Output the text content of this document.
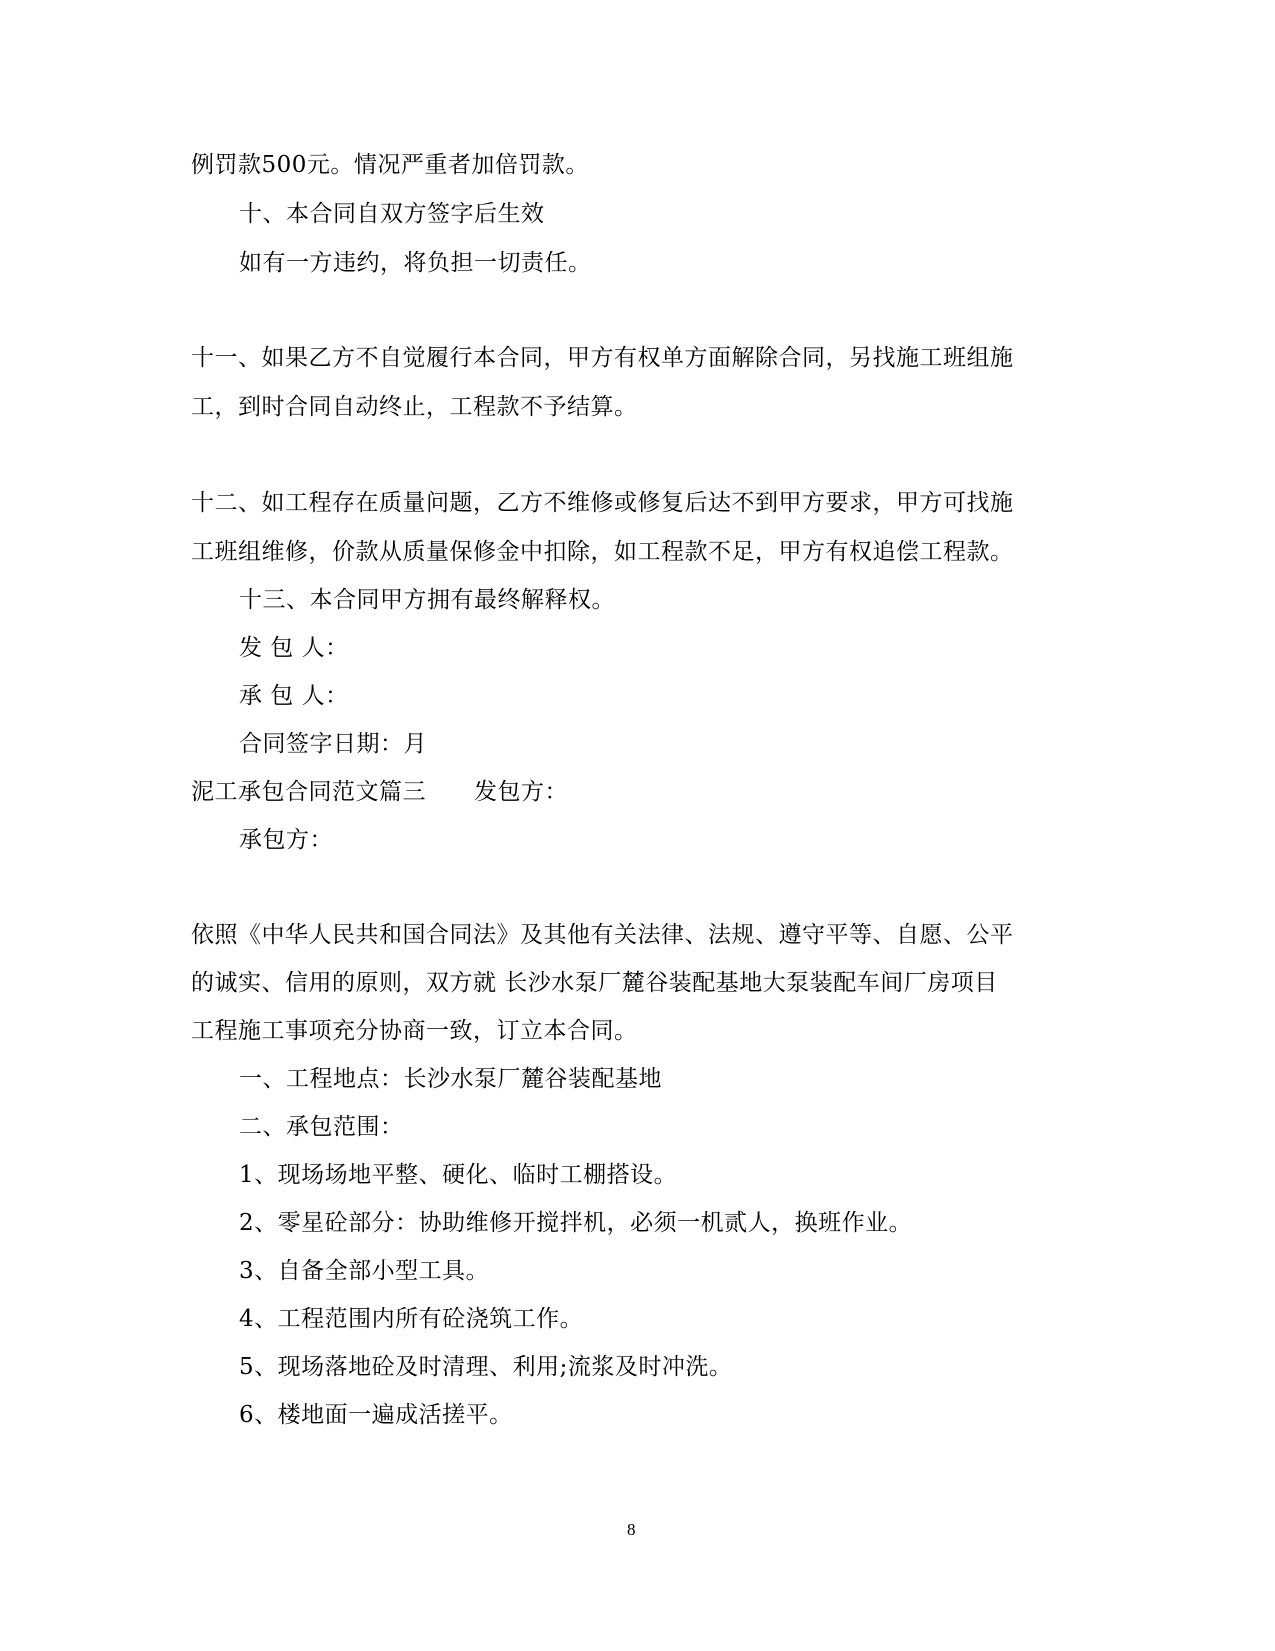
例罚款500元。情况严重者加倍罚款。
十、本合同自双方签字后生效
如有一方违约，将负担一切责任。
十一、如果乙方不自觉履行本合同，甲方有权单方面解除合同，另找施工班组施
工，到时合同自动终止，工程款不予结算。
十二、如工程存在质量问题，乙方不维修或修复后达不到甲方要求，甲方可找施
工班组维修，价款从质量保修金中扣除，如工程款不足，甲方有权追偿工程款。
十三、本合同甲方拥有最终解释权。
发 包 人：
承 包 人：
合同签字日期：月
泥工承包合同范文篇三 发包方：
承包方：
依照《中华人民共和国合同法》及其他有关法律、法规、遵守平等、自愿、公平
的诚实、信用的原则，双方就 长沙水泵厂麓谷装配基地大泵装配车间厂房项目
工程施工事项充分协商一致，订立本合同。
一、工程地点：长沙水泵厂麓谷装配基地
二、承包范围：
1、现场场地平整、硬化、临时工棚搭设。
2、零星砼部分：协助维修开搅拌机，必须一机贰人，换班作业。
3、自备全部小型工具。
4、工程范围内所有砼浇筑工作。
5、现场落地砼及时清理、利用;流浆及时冲洗。
6、楼地面一遍成活搓平。
8
